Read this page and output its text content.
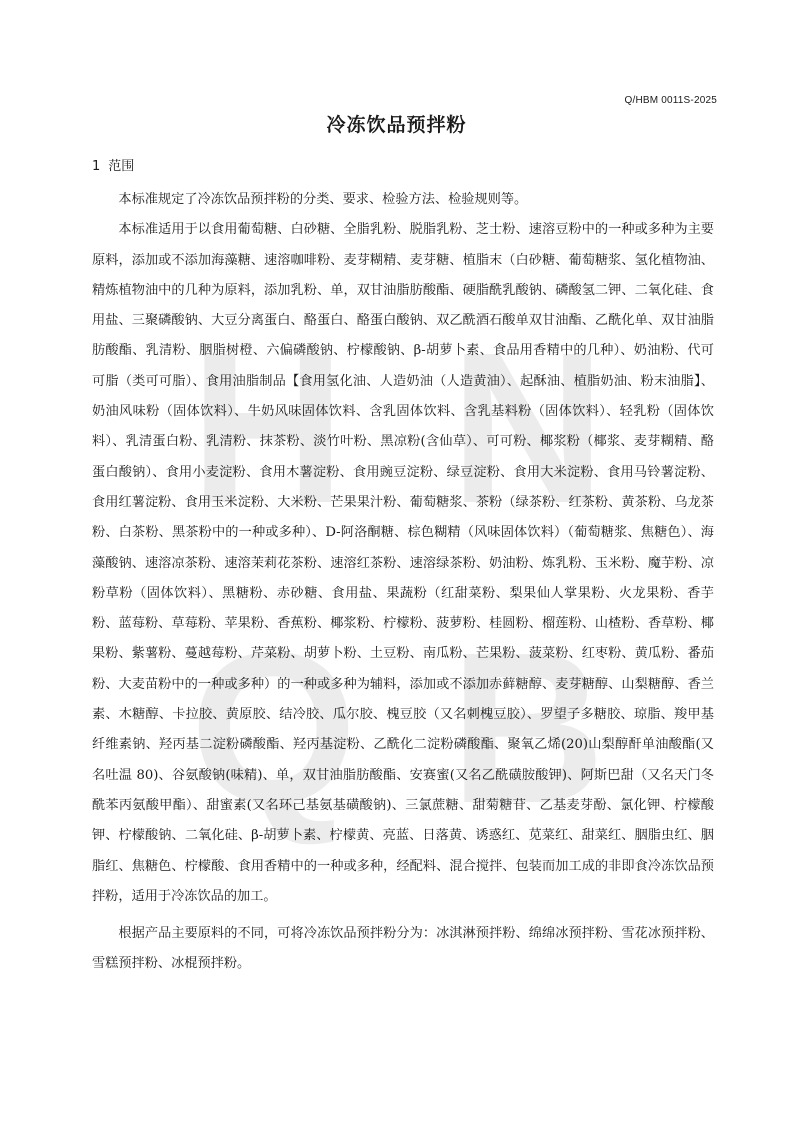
H N
Q B
Q/HBM 0011S-2025
冷冻饮品预拌粉
1 范围

本标准规定了冷冻饮品预拌粉的分类、要求、检验方法、检验规则等。

本标准适用于以食用葡萄糖、白砂糖、全脂乳粉、脱脂乳粉、芝士粉、速溶豆粉中的一种或多种为主要原料，添加或不添加海藻糖、速溶咖啡粉、麦芽糊精、麦芽糖、植脂末（白砂糖、葡萄糖浆、氢化植物油、精炼植物油中的几种为原料，添加乳粉、单，双甘油脂肪酸酯、硬脂酰乳酸钠、磷酸氢二钾、二氧化硅、食用盐、三聚磷酸钠、大豆分离蛋白、酪蛋白、酪蛋白酸钠、双乙酰酒石酸单双甘油酯、乙酰化单、双甘油脂肪酸酯、乳清粉、胭脂树橙、六偏磷酸钠、柠檬酸钠、β-胡萝卜素、食品用香精中的几种）、奶油粉、代可可脂（类可可脂）、食用油脂制品【食用氢化油、人造奶油（人造黄油）、起酥油、植脂奶油、粉末油脂】、奶油风味粉（固体饮料）、牛奶风味固体饮料、含乳固体饮料、含乳基料粉（固体饮料）、轻乳粉（固体饮料）、乳清蛋白粉、乳清粉、抹茶粉、淡竹叶粉、黑凉粉(含仙草）、可可粉、椰浆粉（椰浆、麦芽糊精、酪蛋白酸钠）、食用小麦淀粉、食用木薯淀粉、食用豌豆淀粉、绿豆淀粉、食用大米淀粉、食用马铃薯淀粉、食用红薯淀粉、食用玉米淀粉、大米粉、芒果果汁粉、葡萄糖浆、茶粉（绿茶粉、红茶粉、黄茶粉、乌龙茶粉、白茶粉、黑茶粉中的一种或多种）、D-阿洛酮糖、棕色糊精（风味固体饮料）（葡萄糖浆、焦糖色）、海藻酸钠、速溶凉茶粉、速溶茉莉花茶粉、速溶红茶粉、速溶绿茶粉、奶油粉、炼乳粉、玉米粉、魔芋粉、凉粉草粉（固体饮料）、黑糖粉、赤砂糖、食用盐、果蔬粉（红甜菜粉、梨果仙人掌果粉、火龙果粉、香芋粉、蓝莓粉、草莓粉、苹果粉、香蕉粉、椰浆粉、柠檬粉、菠萝粉、桂圆粉、榴莲粉、山楂粉、香草粉、椰果粉、紫薯粉、蔓越莓粉、芹菜粉、胡萝卜粉、土豆粉、南瓜粉、芒果粉、菠菜粉、红枣粉、黄瓜粉、番茄粉、大麦苗粉中的一种或多种）的一种或多种为辅料，添加或不添加赤藓糖醇、麦芽糖醇、山梨糖醇、香兰素、木糖醇、卡拉胶、黄原胶、结冷胶、瓜尔胶、槐豆胶（又名刺槐豆胶）、罗望子多糖胶、琼脂、羧甲基纤维素钠、羟丙基二淀粉磷酸酯、羟丙基淀粉、乙酰化二淀粉磷酸酯、聚氧乙烯(20)山梨醇酐单油酸酯(又名吐温 80)、谷氨酸钠(味精)、单，双甘油脂肪酸酯、安赛蜜(又名乙酰磺胺酸钾)、阿斯巴甜（又名天门冬酰苯丙氨酸甲酯）、甜蜜素(又名环己基氨基磺酸钠)、三氯蔗糖、甜菊糖苷、乙基麦芽酚、氯化钾、柠檬酸钾、柠檬酸钠、二氧化硅、β-胡萝卜素、柠檬黄、亮蓝、日落黄、诱惑红、苋菜红、甜菜红、胭脂虫红、胭脂红、焦糖色、柠檬酸、食用香精中的一种或多种，经配料、混合搅拌、包装而加工成的非即食冷冻饮品预拌粉，适用于冷冻饮品的加工。

根据产品主要原料的不同，可将冷冻饮品预拌粉分为：冰淇淋预拌粉、绵绵冰预拌粉、雪花冰预拌粉、雪糕预拌粉、冰棍预拌粉。
